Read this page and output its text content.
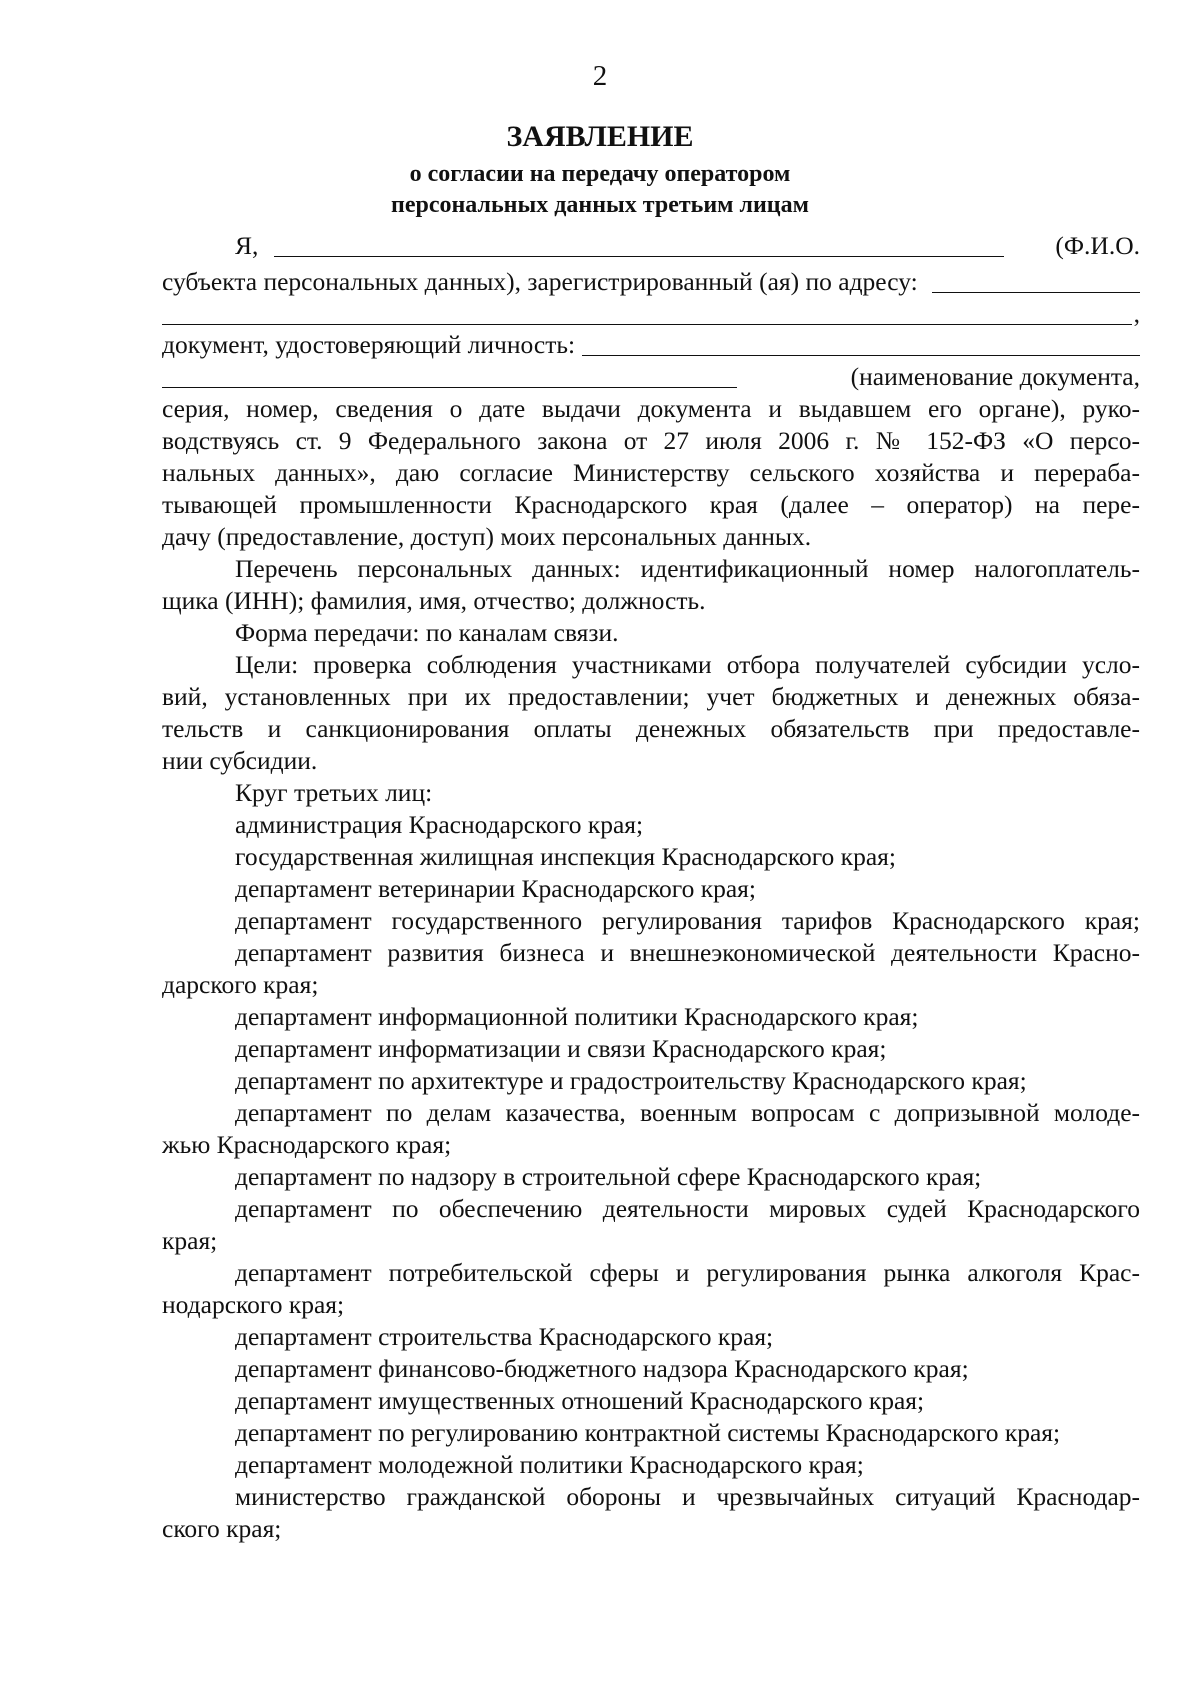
2
ЗАЯВЛЕНИЕ
о согласии на передачу оператором
персональных данных третьим лицам
Я,	(Ф.И.О.
субъекта персональных данных), зарегистрированный (ая) по адресу:
,
документ, удостоверяющий личность:
(наименование документа,
серия, номер, сведения о дате выдачи документа и выдавшем его органе), руко-
водствуясь ст. 9 Федерального закона от 27 июля 2006 г. № 152-ФЗ «О персо-
нальных данных», даю согласие Министерству сельского хозяйства и перераба-
тывающей промышленности Краснодарского края (далее – оператор) на пере-
дачу (предоставление, доступ) моих персональных данных.
Перечень персональных данных: идентификационный номер налогоплатель-
щика (ИНН); фамилия, имя, отчество; должность.
Форма передачи: по каналам связи.
Цели: проверка соблюдения участниками отбора получателей субсидии усло-
вий, установленных при их предоставлении; учет бюджетных и денежных обяза-
тельств и санкционирования оплаты денежных обязательств при предоставле-
нии субсидии.
Круг третьих лиц:
администрация Краснодарского края;
государственная жилищная инспекция Краснодарского края;
департамент ветеринарии Краснодарского края;
департамент государственного регулирования тарифов Краснодарского края;
департамент развития бизнеса и внешнеэкономической деятельности Красно-
дарского края;
департамент информационной политики Краснодарского края;
департамент информатизации и связи Краснодарского края;
департамент по архитектуре и градостроительству Краснодарского края;
департамент по делам казачества, военным вопросам с допризывной молоде-
жью Краснодарского края;
департамент по надзору в строительной сфере Краснодарского края;
департамент по обеспечению деятельности мировых судей Краснодарского
края;
департамент потребительской сферы и регулирования рынка алкоголя Крас-
нодарского края;
департамент строительства Краснодарского края;
департамент финансово-бюджетного надзора Краснодарского края;
департамент имущественных отношений Краснодарского края;
департамент по регулированию контрактной системы Краснодарского края;
департамент молодежной политики Краснодарского края;
министерство гражданской обороны и чрезвычайных ситуаций Краснодар-
ского края;
